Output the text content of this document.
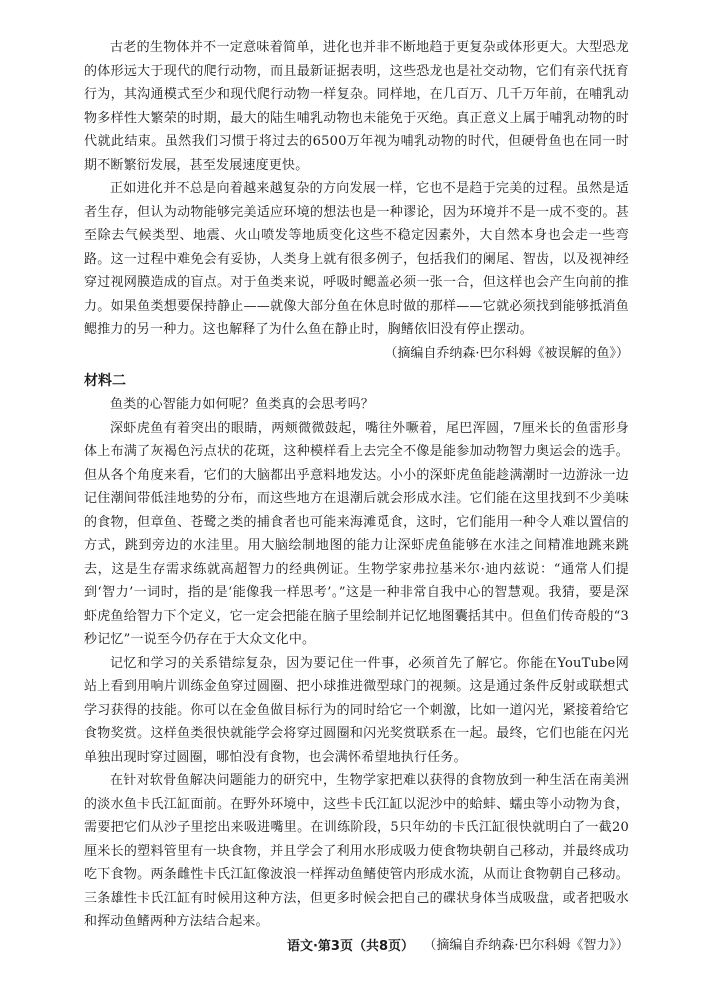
古老的生物体并不一定意味着简单，进化也并非不断地趋于更复杂或体形更大。大型恐龙的体形远大于现代的爬行动物，而且最新证据表明，这些恐龙也是社交动物，它们有亲代抚育行为，其沟通模式至少和现代爬行动物一样复杂。同样地，在几百万、几千万年前，在哺乳动物多样性大繁荣的时期，最大的陆生哺乳动物也未能免于灭绝。真正意义上属于哺乳动物的时代就此结束。虽然我们习惯于将过去的6500万年视为哺乳动物的时代，但硬骨鱼也在同一时期不断繁衍发展，甚至发展速度更快。

正如进化并不总是向着越来越复杂的方向发展一样，它也不是趋于完美的过程。虽然是适者生存，但认为动物能够完美适应环境的想法也是一种谬论，因为环境并不是一成不变的。甚至除去气候类型、地震、火山喷发等地质变化这些不稳定因素外，大自然本身也会走一些弯路。这一过程中难免会有妥协，人类身上就有很多例子，包括我们的阑尾、智齿，以及视神经穿过视网膜造成的盲点。对于鱼类来说，呼吸时鳃盖必须一张一合，但这样也会产生向前的推力。如果鱼类想要保持静止——就像大部分鱼在休息时做的那样——它就必须找到能够抵消鱼鳃推力的另一种力。这也解释了为什么鱼在静止时，胸鳍依旧没有停止摆动。

（摘编自乔纳森·巴尔科姆《被误解的鱼》）

材料二

鱼类的心智能力如何呢？鱼类真的会思考吗？

深虾虎鱼有着突出的眼睛，两颊微微鼓起，嘴往外噘着，尾巴浑圆，7厘米长的鱼雷形身体上布满了灰褐色污点状的花斑，这种模样看上去完全不像是能参加动物智力奥运会的选手。但从各个角度来看，它们的大脑都出乎意料地发达。小小的深虾虎鱼能趁满潮时一边游泳一边记住潮间带低洼地势的分布，而这些地方在退潮后就会形成水洼。它们能在这里找到不少美味的食物，但章鱼、苍鹭之类的捕食者也可能来海滩觅食，这时，它们能用一种令人难以置信的方式，跳到旁边的水洼里。用大脑绘制地图的能力让深虾虎鱼能够在水洼之间精准地跳来跳去，这是生存需求练就高超智力的经典例证。生物学家弗拉基米尔·迪内兹说：“通常人们提到‘智力’一词时，指的是‘能像我一样思考’。”这是一种非常自我中心的智慧观。我猜，要是深虾虎鱼给智力下个定义，它一定会把能在脑子里绘制并记忆地图囊括其中。但鱼们传奇般的“3秒记忆”一说至今仍存在于大众文化中。

记忆和学习的关系错综复杂，因为要记住一件事，必须首先了解它。你能在YouTube网站上看到用响片训练金鱼穿过圆圈、把小球推进微型球门的视频。这是通过条件反射或联想式学习获得的技能。你可以在金鱼做目标行为的同时给它一个刺激，比如一道闪光，紧接着给它食物奖赏。这样鱼类很快就能学会将穿过圆圈和闪光奖赏联系在一起。最终，它们也能在闪光单独出现时穿过圆圈，哪怕没有食物，也会满怀希望地执行任务。

在针对软骨鱼解决问题能力的研究中，生物学家把难以获得的食物放到一种生活在南美洲的淡水鱼卡氏江缸面前。在野外环境中，这些卡氏江缸以泥沙中的蛤蚌、蠕虫等小动物为食，需要把它们从沙子里挖出来吸进嘴里。在训练阶段，5只年幼的卡氏江缸很快就明白了一截20厘米长的塑料管里有一块食物，并且学会了利用水形成吸力使食物块朝自己移动，并最终成功吃下食物。两条雌性卡氏江缸像波浪一样挥动鱼鳍使管内形成水流，从而让食物朝自己移动。三条雄性卡氏江缸有时候用这种方法，但更多时候会把自己的碟状身体当成吸盘，或者把吸水和挥动鱼鳍两种方法结合起来。

（摘编自乔纳森·巴尔科姆《智力》）

语文·第3页（共8页）
